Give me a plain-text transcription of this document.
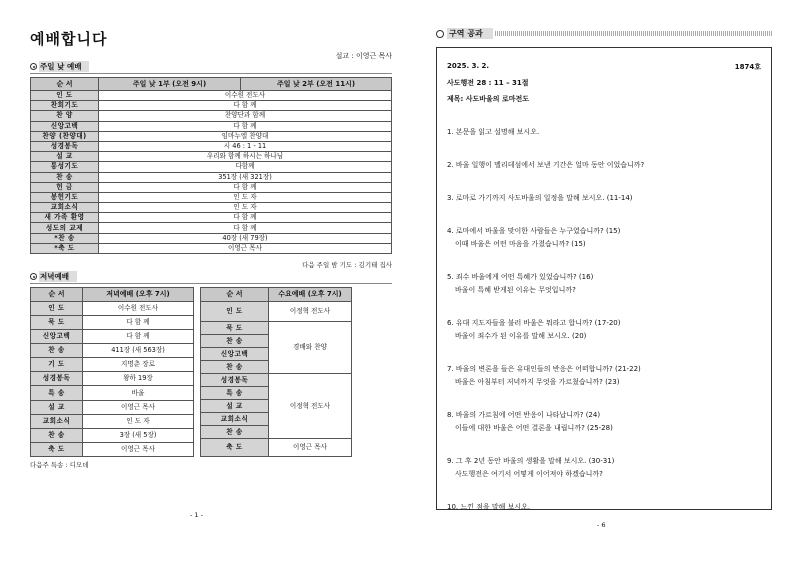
예배합니다
설교 : 이영근 목사
주일 낮 예배
순 서	주일 낮 1부 (오전 9시)	주일 낮 2부 (오전 11시)
인 도	이수원 전도사	
찬회기도	다 함 께	
찬 양	찬양단과 함께	
신앙고백	다 함 께	
찬양 (찬양대)	임마누엘 찬양대	
성경봉독	시 46 : 1 - 11	
설 교	우리와 함께 하시는 하나님	
통성기도	다함께	
찬 송	351장 (새 321장)	
헌 금	다 함 께	
봉헌기도	인 도 자	
교회소식	인 도 자	
새 가족 환영	다 함 께	
성도의 교제	다 함 께	
*찬 송	40장 (새 79장)	
*축 도	이영근 목사	
다음 주일 밤 기도 : 김기태 집사
저녁예배
순 서	저녁예배 (오후 7시)
인 도	이수원 전도사
묵 도	다 함 께
신앙고백	다 함 께
찬 송	411장 (새 563장)
기 도	지명춘 장로
성경봉독	왕하 19장
특 송	바울
설 교	이영근 목사
교회소식	인 도 자
찬 송	3장 (새 5장)
축 도	이영근 목사
순 서	수요예배 (오후 7시)
인 도	이정혁 전도사
묵 도	경배와 찬양
찬 송	
신앙고백	
찬 송	
성경봉독	이정혁 전도사
특 송	
설 교	
교회소식	
찬 송	
축 도	이영근 목사
다음주 특송 : 디모데
- 1 -
구역 공과
2025. 3. 2.	1874호
사도행전 28 : 11 – 31절
제목: 사도바울의 로마전도
1. 본문을 읽고 설명해 보시오.
2. 바울 일행이 멜리데섬에서 보낸 기간은 얼마 동안 이었습니까?
3. 로마로 가기까지 사도바울의 일정을 말해 보시오. (11-14)
4. 로마에서 바울을 맞이한 사람들은 누구였습니까? (15)
이때 바울은 어떤 마음을 가졌습니까? (15)
5. 죄수 바울에게 어떤 특혜가 있었습니까? (16)
바울이 특혜 받게된 이유는 무엇입니까?
6. 유대 지도자들을 불러 바울은 뭐라고 합니까? (17-20)
바울이 죄수가 된 이유를 말해 보시오. (20)
7. 바울의 변론을 들은 유대인들의 반응은 어떠합니까? (21-22)
바울은 아침부터 저녁까지 무엇을 가르쳤습니까? (23)
8. 바울의 가르침에 어떤 반응이 나타납니까? (24)
이들에 대한 바울은 어떤 결론을 내립니까? (25-28)
9. 그 후 2년 동안 바울의 생활을 말해 보시오. (30-31)
사도행전은 여기서 어떻게 이어져야 하겠습니까?
10. 느낀 점을 말해 보시오.
- 6
